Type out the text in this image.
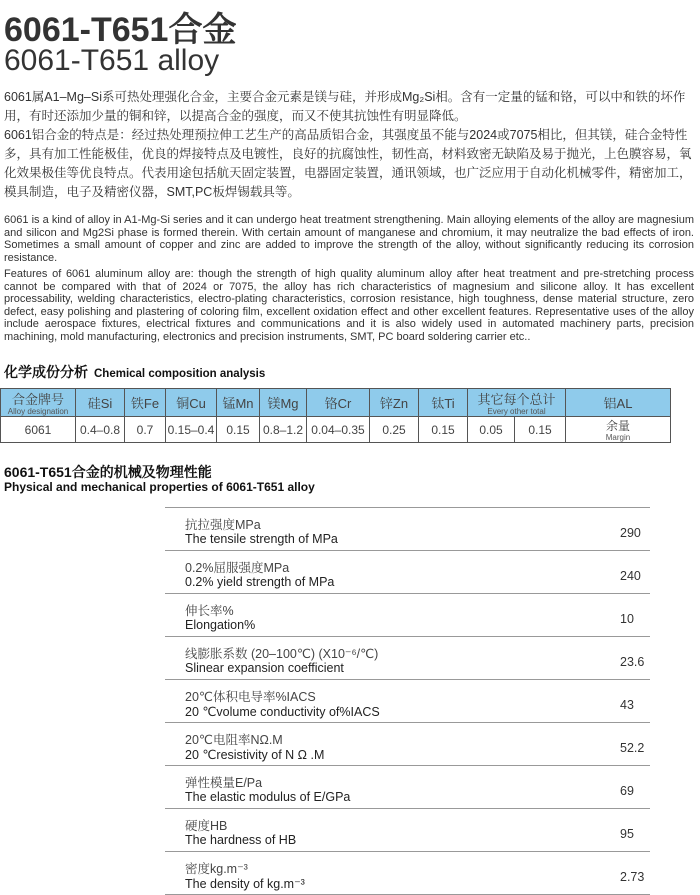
6061-T651合金
6061-T651 alloy
6061属A1–Mg–Si系可热处理强化合金，主要合金元素是镁与硅，并形成Mg₂Si相。含有一定量的锰和铬，可以中和铁的坏作用，有时还添加少量的铜和锌，以提高合金的强度，而又不使其抗蚀性有明显降低。
6061铝合金的特点是：经过热处理预拉伸工艺生产的高品质铝合金，其强度虽不能与2024或7075相比，但其镁，硅合金特性多，具有加工性能极佳，优良的焊接特点及电镀性，良好的抗腐蚀性，韧性高，材料致密无缺陷及易于抛光，上色膜容易，氧化效果极佳等优良特点。代表用途包括航天固定装置，电器固定装置，通讯领域，也广泛应用于自动化机械零件，精密加工，模具制造，电子及精密仪器，SMT,PC板焊锡载具等。
6061 is a kind of alloy in A1-Mg-Si series and it can undergo heat treatment strengthening. Main alloying elements of the alloy are magnesium and silicon and Mg2Si phase is formed therein. With certain amount of manganese and chromium, it may neutralize the bad effects of iron. Sometimes a small amount of copper and zinc are added to improve the strength of the alloy, without significantly reducing its corrosion resistance.
Features of 6061 aluminum alloy are: though the strength of high quality aluminum alloy after heat treatment and pre-stretching process cannot be compared with that of 2024 or 7075, the alloy has rich characteristics of magnesium and silicone alloy. It has excellent processability, welding characteristics, electro-plating characteristics, corrosion resistance, high toughness, dense material structure, zero defect, easy polishing and plastering of coloring film, excellent oxidation effect and other excellent features. Representative uses of the alloy include aerospace fixtures, electrical fixtures and communications and it is also widely used in automated machinery parts, precision machining, mold manufacturing, electronics and precision instruments, SMT, PC board soldering carrier etc..
化学成份分析 Chemical composition analysis
合金牌号
Alloy designation	硅Si	铁Fe	铜Cu	锰Mn	镁Mg	铬Cr	锌Zn	钛Ti	其它每个总计
Every other total		铝AL
6061	0.4–0.8	0.7	0.15–0.4	0.15	0.8–1.2	0.04–0.35	0.25	0.15	0.05	0.15	余量
Margin
6061-T651合金的机械及物理性能
Physical and mechanical properties of 6061-T651 alloy
抗拉强度MPa
The tensile strength of MPa	290
0.2%屈服强度MPa
0.2% yield strength of MPa	240
伸长率%
Elongation%	10
线膨胀系数 (20–100℃) (X10⁻⁶/℃)
Slinear expansion coefficient	23.6
20℃体积电导率%IACS
20 ℃volume conductivity of%IACS	43
20℃电阻率NΩ.M
20 ℃resistivity of N Ω .M	52.2
弹性模量E/Pa
The elastic modulus of E/GPa	69
硬度HB
The hardness of HB	95
密度kg.m⁻³
The density of kg.m⁻³	2.73
